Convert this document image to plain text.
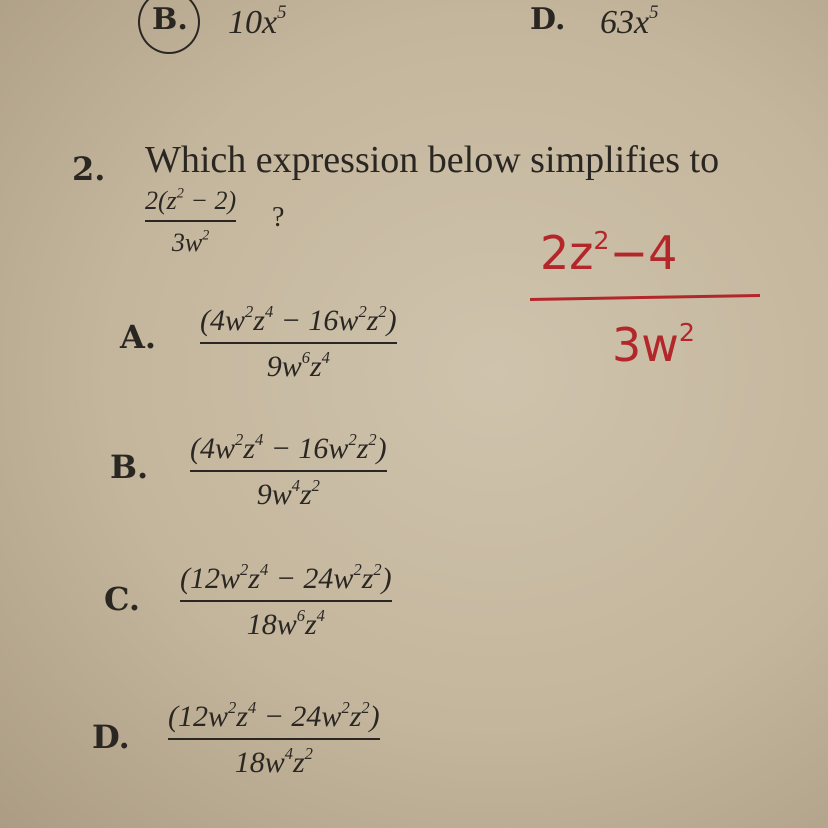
B. $10x^5$	D. $63x^5$
2. Which expression below simplifies to
$2(z^2 - 2)$
$3w^2$
?
A. $(4w^2z^4 - 16w^2z^2)$
$9w^6z^4$
B. $(4w^2z^4 - 16w^2z^2)$
$9w^4z^2$
C.
$(12w^2z^4 - 24w^2z^2)$
$18w^6z^4$
D.
$(12w^2z^4 - 24w^2z^2)$
$18w^4z^2$
$2z^2-4$
$3w^2$
